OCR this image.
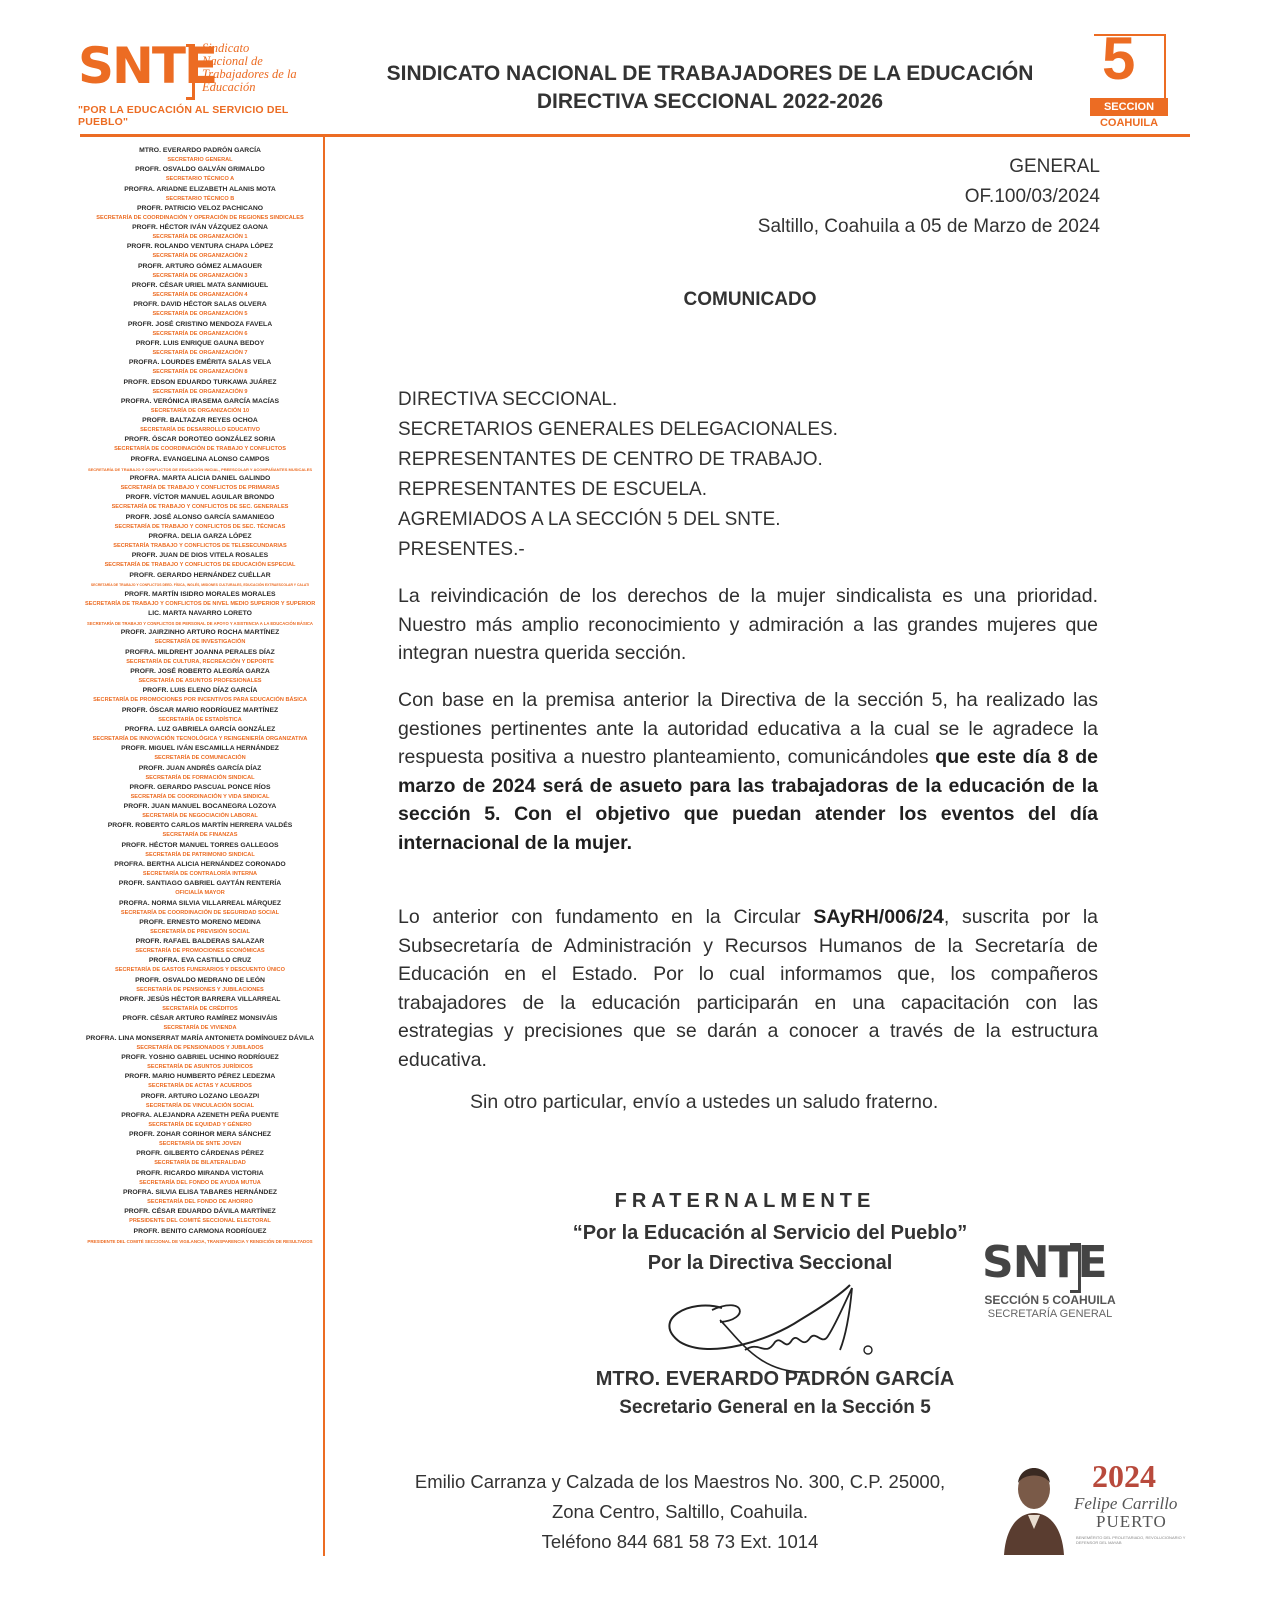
SNTE
Sindicato
Nacional de
Trabajadores de la
Educación
"POR LA EDUCACIÓN AL SERVICIO DEL PUEBLO"
SINDICATO NACIONAL DE TRABAJADORES DE LA EDUCACIÓN
DIRECTIVA SECCIONAL 2022-2026
5
SECCION
COAHUILA
MTRO. EVERARDO PADRÓN GARCÍA
SECRETARIO GENERAL
PROFR. OSVALDO GALVÁN GRIMALDO
SECRETARIO TÉCNICO A
PROFRA. ARIADNE ELIZABETH ALANIS MOTA
SECRETARIO TÉCNICO B
PROFR. PATRICIO VELOZ PACHICANO
SECRETARÍA DE COORDINACIÓN Y OPERACIÓN DE REGIONES SINDICALES
PROFR. HÉCTOR IVÁN VÁZQUEZ GAONA
SECRETARÍA DE ORGANIZACIÓN 1
PROFR. ROLANDO VENTURA CHAPA LÓPEZ
SECRETARÍA DE ORGANIZACIÓN 2
PROFR. ARTURO GÓMEZ ALMAGUER
SECRETARÍA DE ORGANIZACIÓN 3
PROFR. CÉSAR URIEL MATA SANMIGUEL
SECRETARÍA DE ORGANIZACIÓN 4
PROFR. DAVID HÉCTOR SALAS OLVERA
SECRETARÍA DE ORGANIZACIÓN 5
PROFR. JOSÉ CRISTINO MENDOZA FAVELA
SECRETARÍA DE ORGANIZACIÓN 6
PROFR. LUIS ENRIQUE GAUNA BEDOY
SECRETARÍA DE ORGANIZACIÓN 7
PROFRA. LOURDES EMÉRITA SALAS VELA
SECRETARÍA DE ORGANIZACIÓN 8
PROFR. EDSON EDUARDO TURKAWA JUÁREZ
SECRETARÍA DE ORGANIZACIÓN 9
PROFRA. VERÓNICA IRASEMA GARCÍA MACÍAS
SECRETARÍA DE ORGANIZACIÓN 10
PROFR. BALTAZAR REYES OCHOA
SECRETARÍA DE DESARROLLO EDUCATIVO
PROFR. ÓSCAR DOROTEO GONZÁLEZ SORIA
SECRETARÍA DE COORDINACIÓN DE TRABAJO Y CONFLICTOS
PROFRA. EVANGELINA ALONSO CAMPOS
SECRETARÍA DE TRABAJO Y CONFLICTOS DE EDUCACIÓN INICIAL, PREESCOLAR Y ACOMPAÑANTES MUSICALES
PROFRA. MARTA ALICIA DANIEL GALINDO
SECRETARÍA DE TRABAJO Y CONFLICTOS DE PRIMARIAS
PROFR. VÍCTOR MANUEL AGUILAR BRONDO
SECRETARÍA DE TRABAJO Y CONFLICTOS DE SEC. GENERALES
PROFR. JOSÉ ALONSO GARCÍA SAMANIEGO
SECRETARÍA DE TRABAJO Y CONFLICTOS DE SEC. TÉCNICAS
PROFRA. DELIA GARZA LÓPEZ
SECRETARÍA TRABAJO Y CONFLICTOS DE TELESECUNDARIAS
PROFR. JUAN DE DIOS VITELA ROSALES
SECRETARÍA DE TRABAJO Y CONFLICTOS DE EDUCACIÓN ESPECIAL
PROFR. GERARDO HERNÁNDEZ CUÉLLAR
SECRETARÍA DE TRABAJO Y CONFLICTOS DEED. FÍSICA, INGLÉS, MISIONES CULTURALES, EDUCACIÓN EXTRAESCOLAR Y CALATI
PROFR. MARTÍN ISIDRO MORALES MORALES
SECRETARÍA DE TRABAJO Y CONFLICTOS DE NIVEL MEDIO SUPERIOR Y SUPERIOR
LIC. MARTA NAVARRO LORETO
SECRETARÍA DE TRABAJO Y CONFLICTOS DE PERSONAL DE APOYO Y ASISTENCIA A LA EDUCACIÓN BÁSICA
PROFR. JAIRZINHO ARTURO ROCHA MARTÍNEZ
SECRETARÍA DE INVESTIGACIÓN
PROFRA. MILDREHT JOANNA PERALES DÍAZ
SECRETARÍA DE CULTURA, RECREACIÓN Y DEPORTE
PROFR. JOSÉ ROBERTO ALEGRÍA GARZA
SECRETARÍA DE ASUNTOS PROFESIONALES
PROFR. LUIS ELENO DÍAZ GARCÍA
SECRETARÍA DE PROMOCIONES POR INCENTIVOS PARA EDUCACIÓN BÁSICA
PROFR. ÓSCAR MARIO RODRÍGUEZ MARTÍNEZ
SECRETARÍA DE ESTADÍSTICA
PROFRA. LUZ GABRIELA GARCÍA GONZÁLEZ
SECRETARÍA DE INNOVACIÓN TECNOLÓGICA Y REINGENIERÍA ORGANIZATIVA
PROFR. MIGUEL IVÁN ESCAMILLA HERNÁNDEZ
SECRETARÍA DE COMUNICACIÓN
PROFR. JUAN ANDRÉS GARCÍA DÍAZ
SECRETARÍA DE FORMACIÓN SINDICAL
PROFR. GERARDO PASCUAL PONCE RÍOS
SECRETARÍA DE COORDINACIÓN Y VIDA SINDICAL
PROFR. JUAN MANUEL BOCANEGRA LOZOYA
SECRETARÍA DE NEGOCIACIÓN LABORAL
PROFR. ROBERTO CARLOS MARTÍN HERRERA VALDÉS
SECRETARÍA DE FINANZAS
PROFR. HÉCTOR MANUEL TORRES GALLEGOS
SECRETARÍA DE PATRIMONIO SINDICAL
PROFRA. BERTHA ALICIA HERNÁNDEZ CORONADO
SECRETARÍA DE CONTRALORÍA INTERNA
PROFR. SANTIAGO GABRIEL GAYTÁN RENTERÍA
OFICIALÍA MAYOR
PROFRA. NORMA SILVIA VILLARREAL MÁRQUEZ
SECRETARÍA DE COORDINACIÓN DE SEGURIDAD SOCIAL
PROFR. ERNESTO MORENO MEDINA
SECRETARÍA DE PREVISIÓN SOCIAL
PROFR. RAFAEL BALDERAS SALAZAR
SECRETARÍA DE PROMOCIONES ECONÓMICAS
PROFRA. EVA CASTILLO CRUZ
SECRETARÍA DE GASTOS FUNERARIOS Y DESCUENTO ÚNICO
PROFR. OSVALDO MEDRANO DE LEÓN
SECRETARÍA DE PENSIONES Y JUBILACIONES
PROFR. JESÚS HÉCTOR BARRERA VILLARREAL
SECRETARÍA DE CRÉDITOS
PROFR. CÉSAR ARTURO RAMÍREZ MONSIVÁIS
SECRETARÍA DE VIVIENDA
PROFRA. LINA MONSERRAT MARÍA ANTONIETA DOMÍNGUEZ DÁVILA
SECRETARÍA DE PENSIONADOS Y JUBILADOS
PROFR. YOSHIO GABRIEL UCHINO RODRÍGUEZ
SECRETARÍA DE ASUNTOS JURÍDICOS
PROFR. MARIO HUMBERTO PÉREZ LEDEZMA
SECRETARÍA DE ACTAS Y ACUERDOS
PROFR. ARTURO LOZANO LEGAZPI
SECRETARÍA DE VINCULACIÓN SOCIAL
PROFRA. ALEJANDRA AZENETH PEÑA PUENTE
SECRETARÍA DE EQUIDAD Y GÉNERO
PROFR. ZOHAR CORIHOR MERA SÁNCHEZ
SECRETARÍA DE SNTE JOVEN
PROFR. GILBERTO CÁRDENAS PÉREZ
SECRETARÍA DE BILATERALIDAD
PROFR. RICARDO MIRANDA VICTORIA
SECRETARÍA DEL FONDO DE AYUDA MUTUA
PROFRA. SILVIA ELISA TABARES HERNÁNDEZ
SECRETARÍA DEL FONDO DE AHORRO
PROFR. CÉSAR EDUARDO DÁVILA MARTÍNEZ
PRESIDENTE DEL COMITÉ SECCIONAL ELECTORAL
PROFR. BENITO CARMONA RODRÍGUEZ
PRESIDENTE DEL COMITÉ SECCIONAL DE VIGILANCIA, TRANSPARENCIA Y RENDICIÓN DE RESULTADOS
GENERAL
OF.100/03/2024
Saltillo, Coahuila a 05 de Marzo de 2024
COMUNICADO
DIRECTIVA SECCIONAL.
SECRETARIOS GENERALES DELEGACIONALES.
REPRESENTANTES DE CENTRO DE TRABAJO.
REPRESENTANTES DE ESCUELA.
AGREMIADOS A LA SECCIÓN 5 DEL SNTE.
PRESENTES.-
La reivindicación de los derechos de la mujer sindicalista es una prioridad. Nuestro más amplio reconocimiento y admiración a las grandes mujeres que integran nuestra querida sección.
Con base en la premisa anterior la Directiva de la sección 5, ha realizado las gestiones pertinentes ante la autoridad educativa a la cual se le agradece la respuesta positiva a nuestro planteamiento, comunicándoles que este día 8 de marzo de 2024 será de asueto para las trabajadoras de la educación de la sección 5. Con el objetivo que puedan atender los eventos del día internacional de la mujer.
Lo anterior con fundamento en la Circular SAyRH/006/24, suscrita por la Subsecretaría de Administración y Recursos Humanos de la Secretaría de Educación en el Estado. Por lo cual informamos que, los compañeros trabajadores de la educación participarán en una capacitación con las estrategias y precisiones que se darán a conocer a través de la estructura educativa.
Sin otro particular, envío a ustedes un saludo fraterno.
FRATERNALMENTE
“Por la Educación al Servicio del Pueblo”
Por la Directiva Seccional	SNTE
SECCIÓN 5 COAHUILA
SECRETARÍA GENERAL
MTRO. EVERARDO PADRÓN GARCÍA
Secretario General en la Sección 5
Emilio Carranza y Calzada de los Maestros No. 300, C.P. 25000,
Zona Centro, Saltillo, Coahuila.
Teléfono 844 681 58 73 Ext. 1014
2024
Felipe Carrillo
PUERTO
BENEMÉRITO DEL PROLETARIADO, REVOLUCIONARIO Y DEFENSOR DEL MAYAB
